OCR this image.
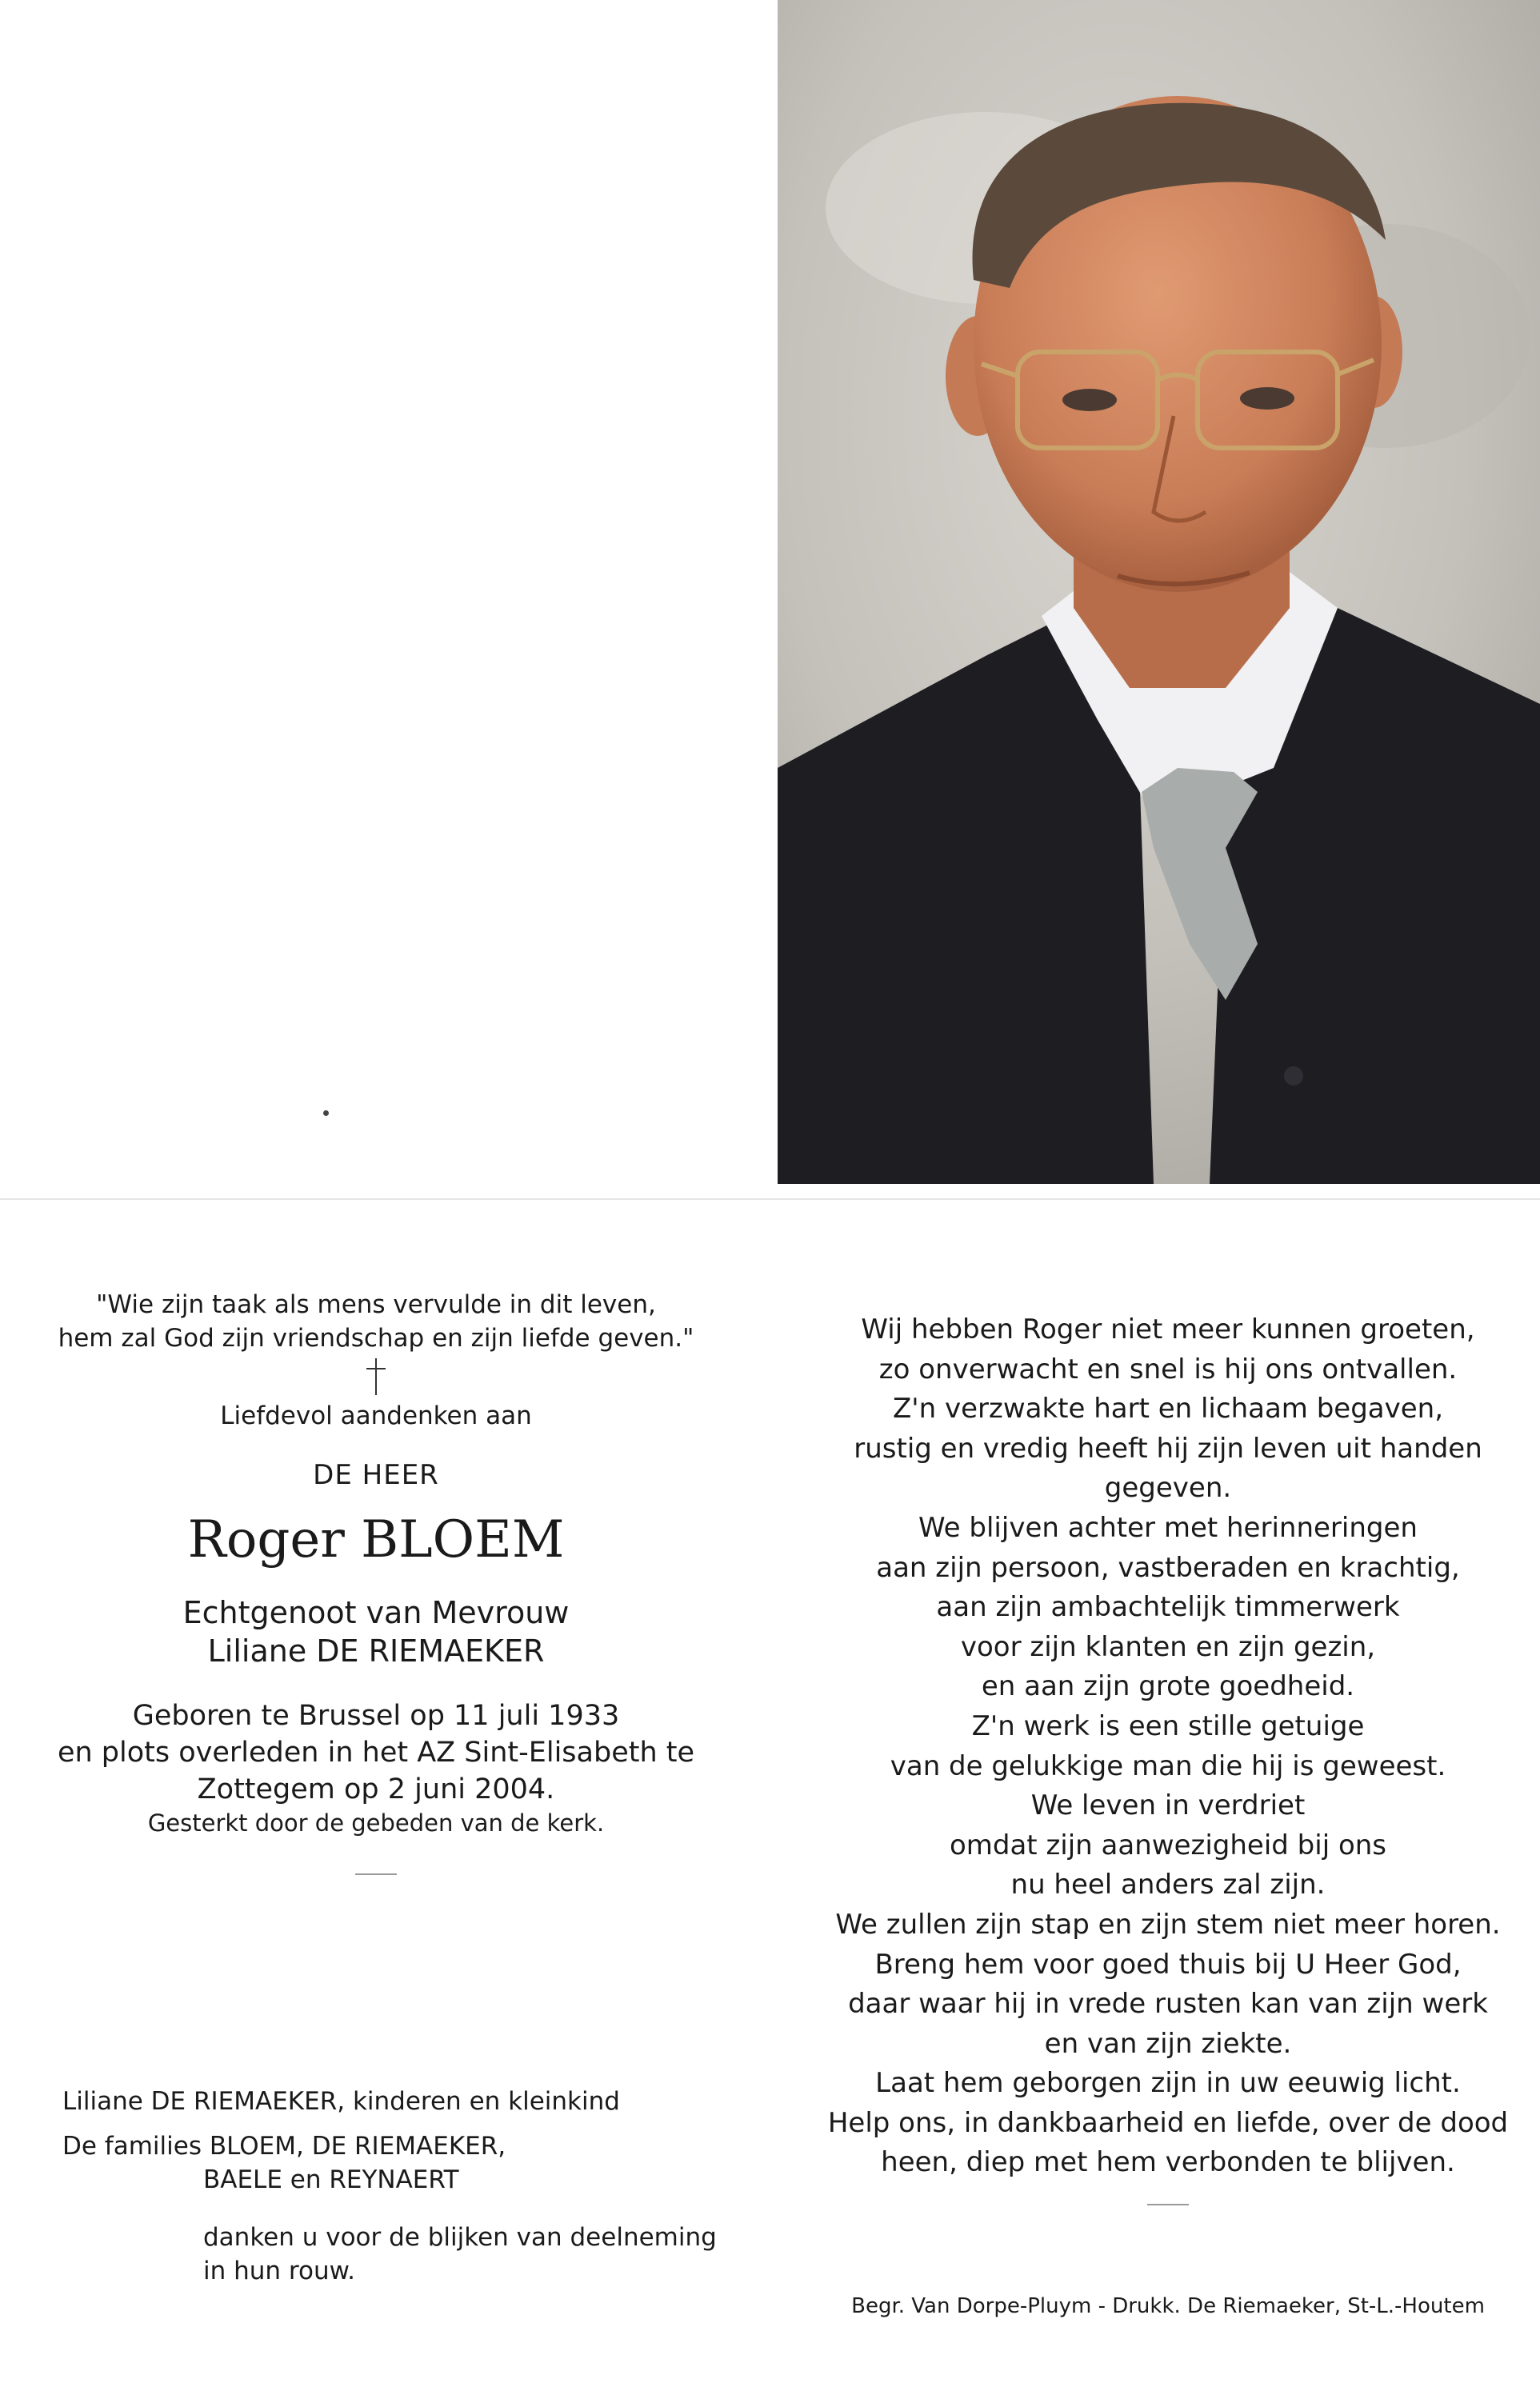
"Wie zijn taak als mens vervulde in dit leven,

hem zal God zijn vriendschap en zijn liefde geven."

Liefdevol aandenken aan

DE HEER

Roger BLOEM

Echtgenoot van Mevrouw
Liliane DE RIEMAEKER

Geboren te Brussel op 11 juli 1933

en plots overleden in het AZ Sint-Elisabeth te

Zottegem op 2 juni 2004.

Gesterkt door de gebeden van de kerk.

Liliane DE RIEMAEKER, kinderen en kleinkind

De families BLOEM, DE RIEMAEKER,

BAELE en REYNAERT

danken u voor de blijken van deelneming

in hun rouw.

Wij hebben Roger niet meer kunnen groeten,

zo onverwacht en snel is hij ons ontvallen.

Z'n verzwakte hart en lichaam begaven,

rustig en vredig heeft hij zijn leven uit handen

gegeven.

We blijven achter met herinneringen

aan zijn persoon, vastberaden en krachtig,

aan zijn ambachtelijk timmerwerk

voor zijn klanten en zijn gezin,

en aan zijn grote goedheid.

Z'n werk is een stille getuige

van de gelukkige man die hij is geweest.

We leven in verdriet

omdat zijn aanwezigheid bij ons

nu heel anders zal zijn.

We zullen zijn stap en zijn stem niet meer horen.

Breng hem voor goed thuis bij U Heer God,

daar waar hij in vrede rusten kan van zijn werk

en van zijn ziekte.

Laat hem geborgen zijn in uw eeuwig licht.

Help ons, in dankbaarheid en liefde, over de dood

heen, diep met hem verbonden te blijven.

Begr. Van Dorpe-Pluym - Drukk. De Riemaeker, St-L.-Houtem
